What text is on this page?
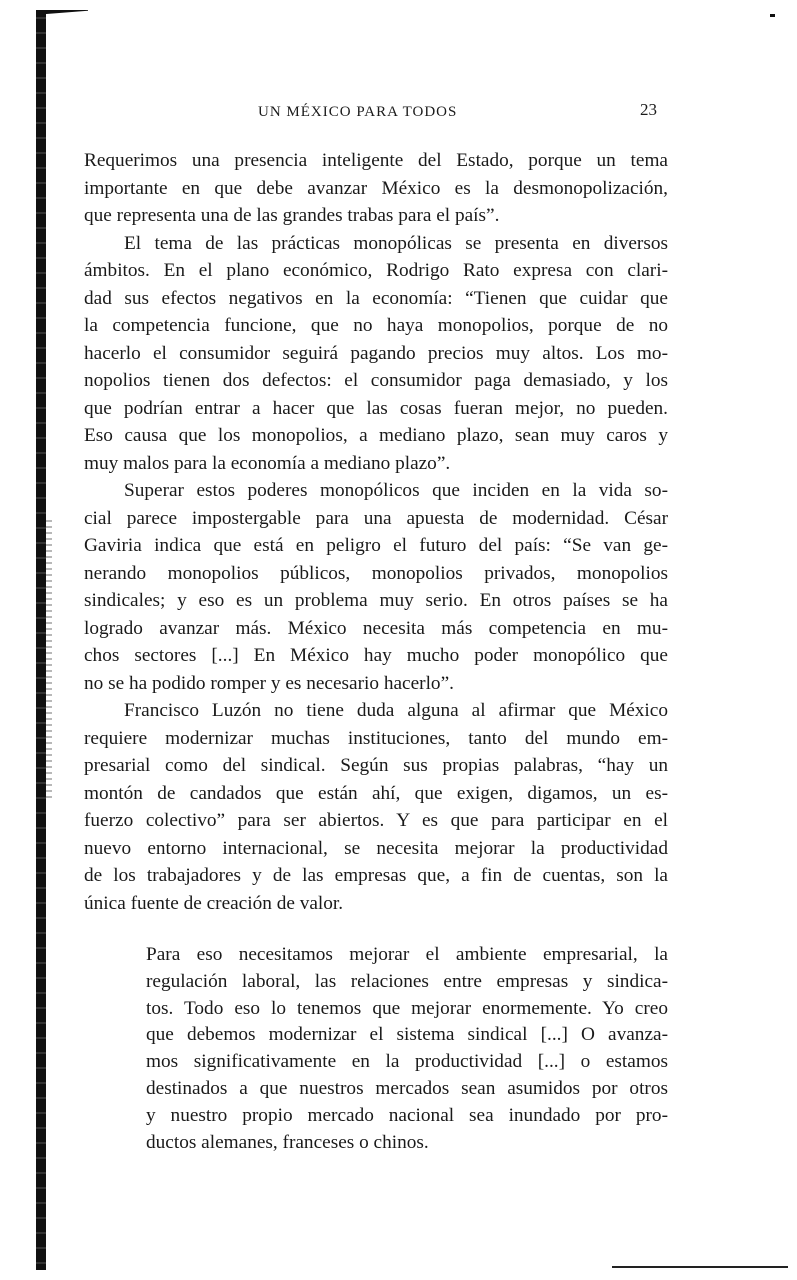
UN MÉXICO PARA TODOS	23
Requerimos una presencia inteligente del Estado, porque un tema
importante en que debe avanzar México es la desmonopolización,
que representa una de las grandes trabas para el país”.
El tema de las prácticas monopólicas se presenta en diversos
ámbitos. En el plano económico, Rodrigo Rato expresa con clari-
dad sus efectos negativos en la economía: “Tienen que cuidar que
la competencia funcione, que no haya monopolios, porque de no
hacerlo el consumidor seguirá pagando precios muy altos. Los mo-
nopolios tienen dos defectos: el consumidor paga demasiado, y los
que podrían entrar a hacer que las cosas fueran mejor, no pueden.
Eso causa que los monopolios, a mediano plazo, sean muy caros y
muy malos para la economía a mediano plazo”.
Superar estos poderes monopólicos que inciden en la vida so-
cial parece impostergable para una apuesta de modernidad. César
Gaviria indica que está en peligro el futuro del país: “Se van ge-
nerando monopolios públicos, monopolios privados, monopolios
sindicales; y eso es un problema muy serio. En otros países se ha
logrado avanzar más. México necesita más competencia en mu-
chos sectores [...] En México hay mucho poder monopólico que
no se ha podido romper y es necesario hacerlo”.
Francisco Luzón no tiene duda alguna al afirmar que México
requiere modernizar muchas instituciones, tanto del mundo em-
presarial como del sindical. Según sus propias palabras, “hay un
montón de candados que están ahí, que exigen, digamos, un es-
fuerzo colectivo” para ser abiertos. Y es que para participar en el
nuevo entorno internacional, se necesita mejorar la productividad
de los trabajadores y de las empresas que, a fin de cuentas, son la
única fuente de creación de valor.
Para eso necesitamos mejorar el ambiente empresarial, la
regulación laboral, las relaciones entre empresas y sindica-
tos. Todo eso lo tenemos que mejorar enormemente. Yo creo
que debemos modernizar el sistema sindical [...] O avanza-
mos significativamente en la productividad [...] o estamos
destinados a que nuestros mercados sean asumidos por otros
y nuestro propio mercado nacional sea inundado por pro-
ductos alemanes, franceses o chinos.
